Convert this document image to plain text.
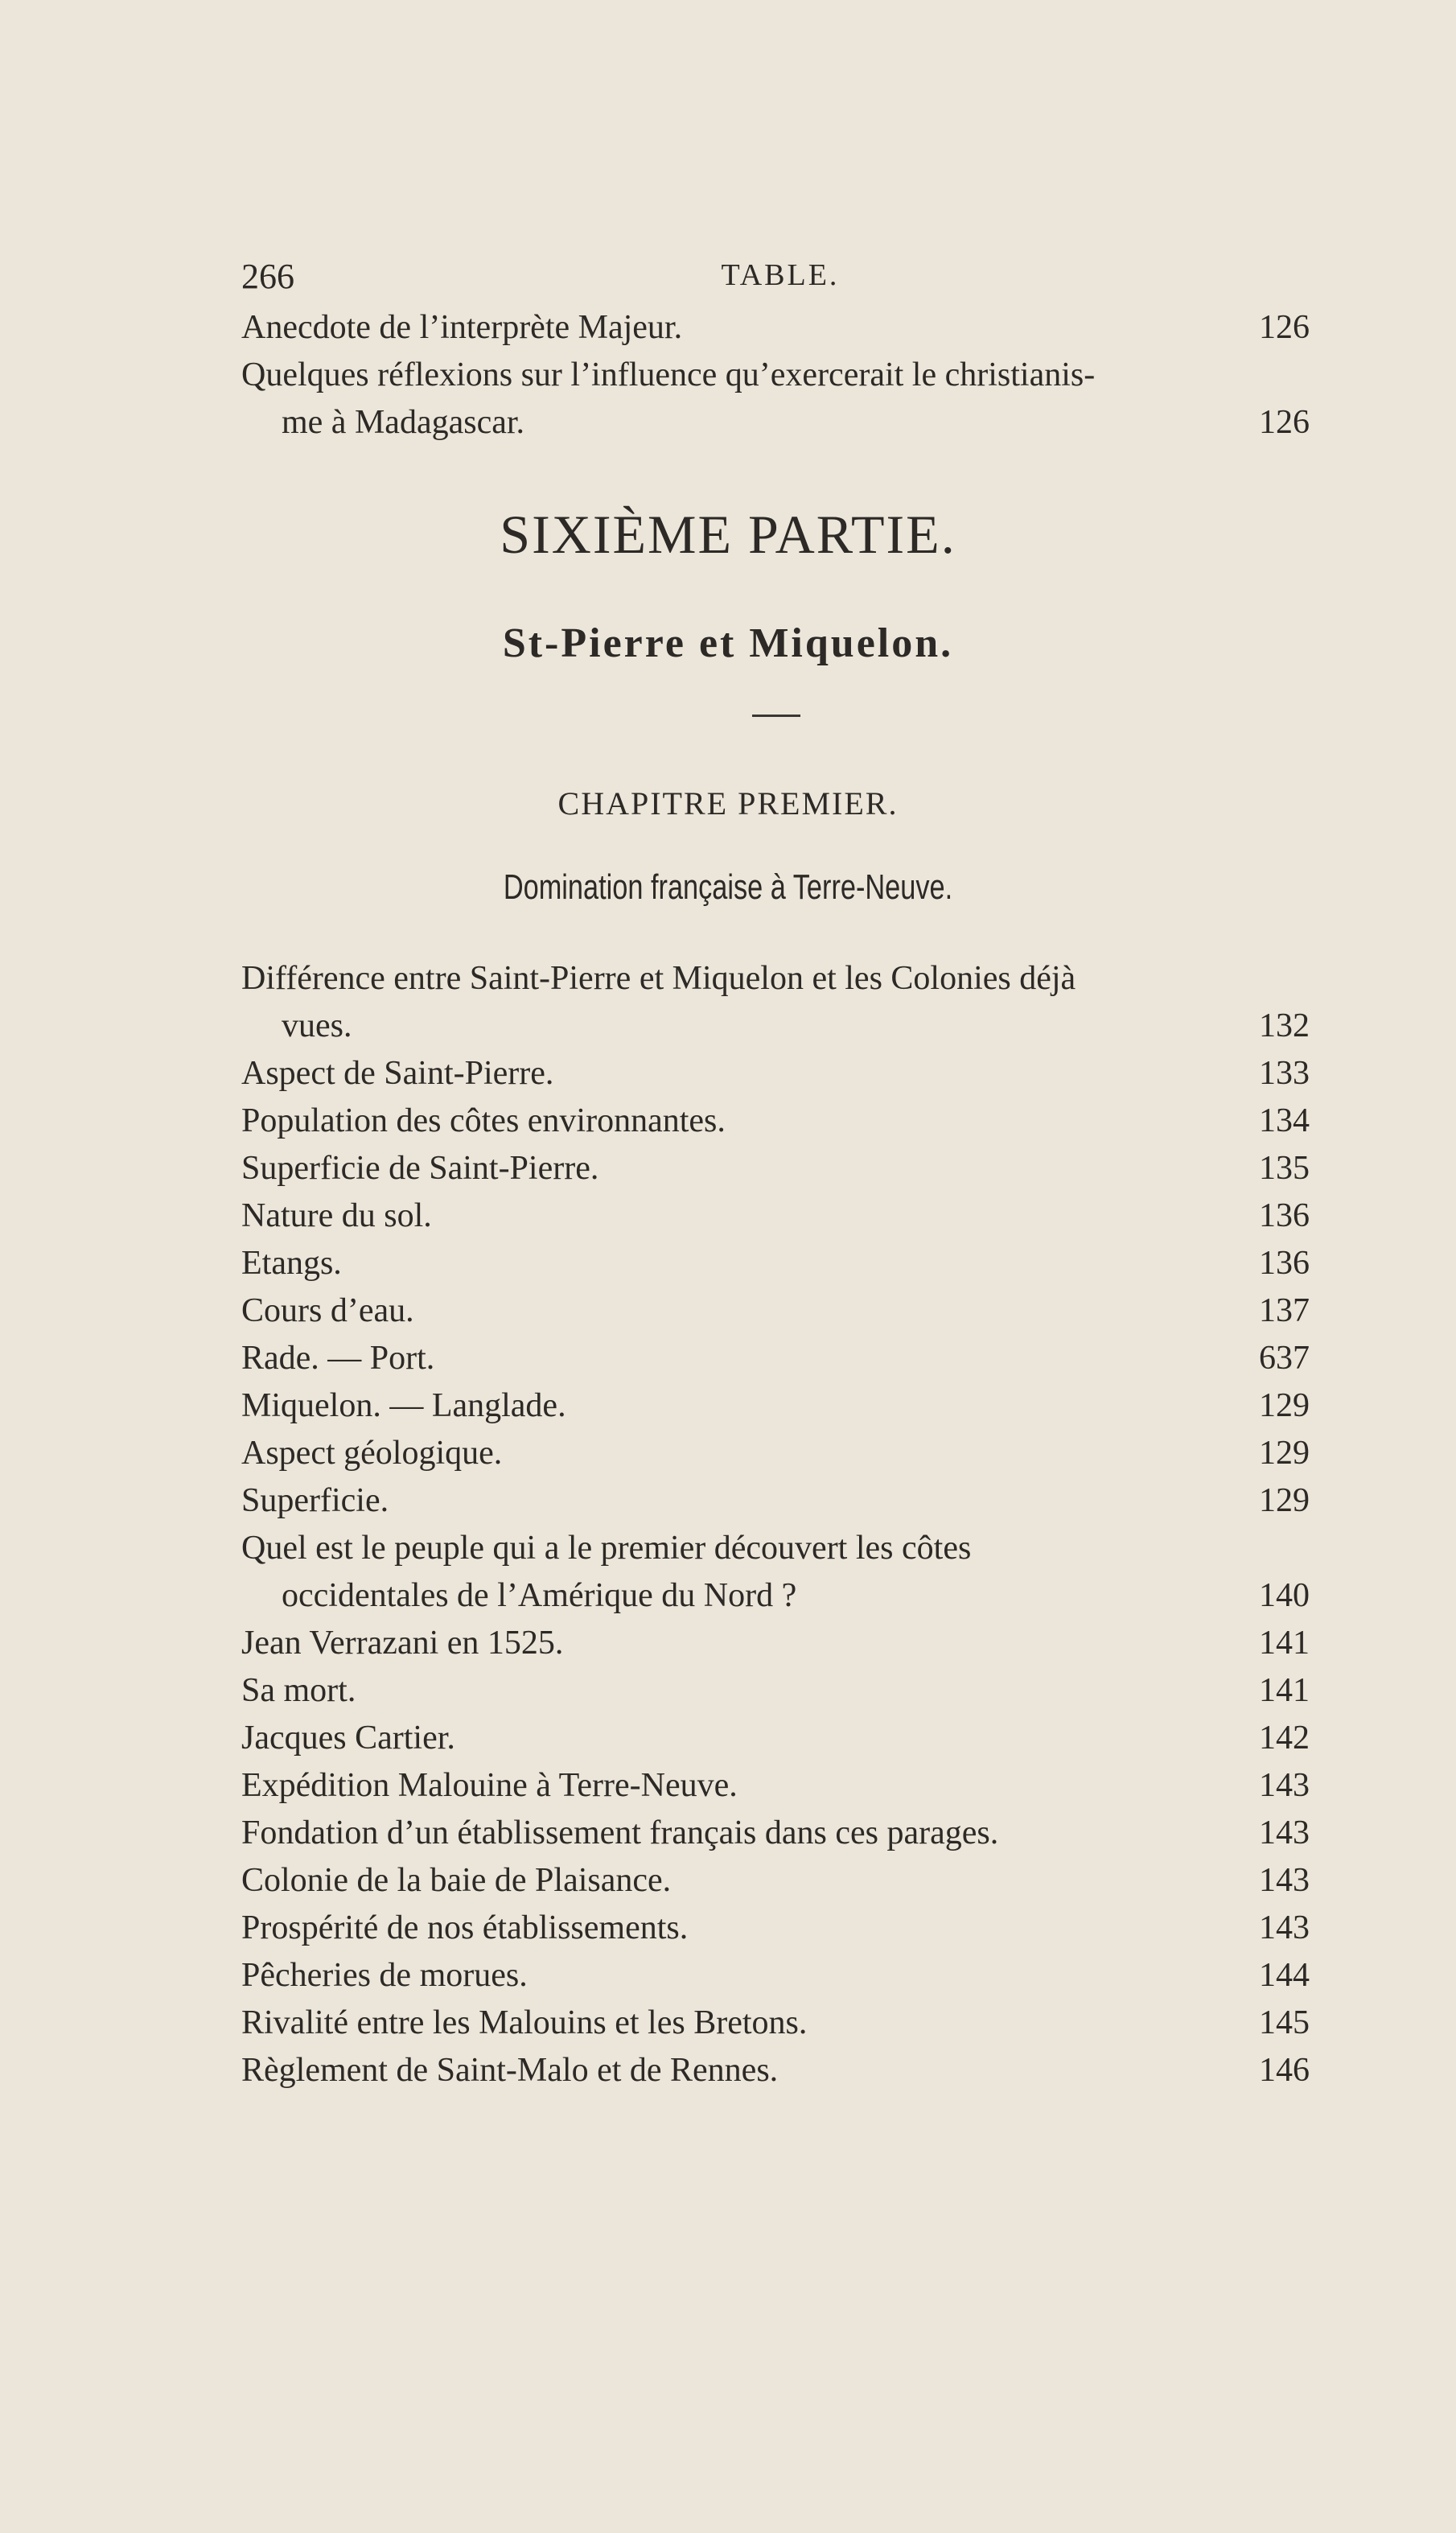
266	TABLE.
Anecdote de l’interprète Majeur.	126
Quelques réflexions sur l’influence qu’exercerait le christianis-
me à Madagascar.	126
SIXIÈME PARTIE.
St-Pierre et Miquelon.
CHAPITRE PREMIER.
Domination française à Terre-Neuve.
Différence entre Saint-Pierre et Miquelon et les Colonies déjà
vues.	132
Aspect de Saint-Pierre.	133
Population des côtes environnantes.	134
Superficie de Saint-Pierre.	135
Nature du sol.	136
Etangs.	136
Cours d’eau.	137
Rade. — Port.	637
Miquelon. — Langlade.	129
Aspect géologique.	129
Superficie.	129
Quel est le peuple qui a le premier découvert les côtes
occidentales de l’Amérique du Nord ?	140
Jean Verrazani en 1525.	141
Sa mort.	141
Jacques Cartier.	142
Expédition Malouine à Terre-Neuve.	143
Fondation d’un établissement français dans ces parages.	143
Colonie de la baie de Plaisance.	143
Prospérité de nos établissements.	143
Pêcheries de morues.	144
Rivalité entre les Malouins et les Bretons.	145
Règlement de Saint-Malo et de Rennes.	146
